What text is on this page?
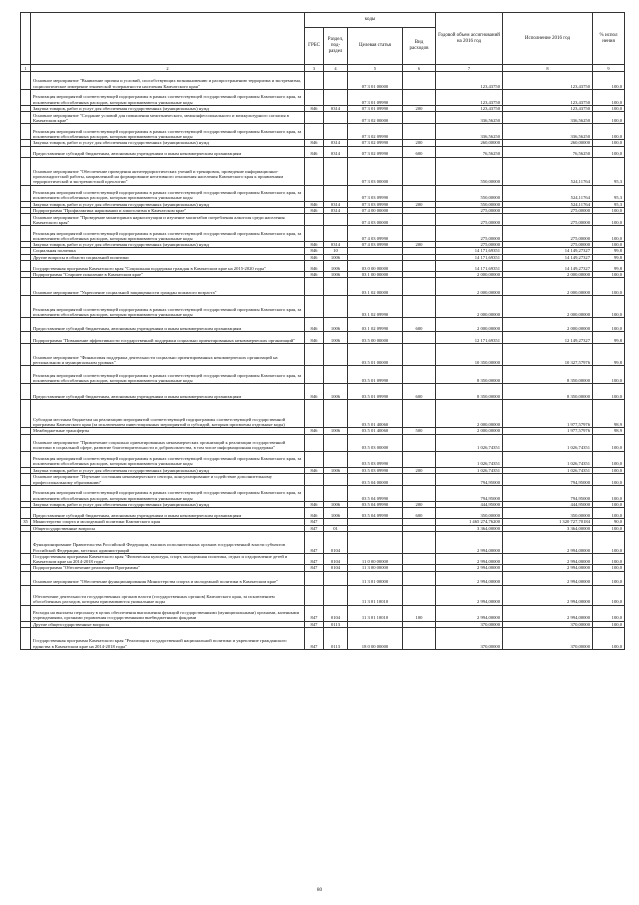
		коды				Годовой объем ассигнований на 2016 год	Исполнение 2016 год	% испол нения
		ГРБС	Раздел, под-раздел	Целевая статья	Вид расходов			
1	2	3	4	5	6	7	8	9
	Основное мероприятие "Выявление причин и условий, способствующих возникновению и распространению терроризма и экстремизма, социологическое измерение этнической толерантности населения Камчатского края"			07 3 01 00000		123,43750	123,43750	100,0
	Реализация мероприятий соответствующей подпрограммы в рамках соответствующей государственной программы Камчатского края, за исключением обособленных расходов, которым присваиваются уникальные коды			07 3 01 09990		123,43750	123,43750	100,0
	Закупка товаров, работ и услуг для обеспечения государственных (муниципальных) нужд	846	0314	07 3 01 09990	200	123,43750	123,43750	100,0
	Основное мероприятие "Создание условий для повышения межэтнического, межконфессионального и межкультурного согласия в Камчатском крае"			07 3 02 00000		336,56250	336,56250	100,0
	Реализация мероприятий соответствующей подпрограммы в рамках соответствующей государственной программы Камчатского края, за исключением обособленных расходов, которым присваиваются уникальные коды			07 3 02 09990		336,56250	336,56250	100,0
	Закупка товаров, работ и услуг для обеспечения государственных (муниципальных) нужд	846	0314	07 3 02 09990	200	260,00000	260,00000	100,0
	Предоставление субсидий бюджетным, автономным учреждениям и иным некоммерческим организациям	846	0314	07 3 02 09990	600	76,56250	76,56250	100,0
	Основное мероприятие "Обеспечение проведения антитеррористических учений и тренировок, проведение информационно-пропагандистской работы, направленной на формирование негативного отношения населения Камчатского края к проявлениям террористической и экстремистской идеологии"			07 3 03 00000		550,00000	524,11764	95,3
	Реализация мероприятий соответствующей подпрограммы в рамках соответствующей государственной программы Камчатского края, за исключением обособленных расходов, которым присваиваются уникальные коды			07 3 03 09990		550,00000	524,11764	95,3
	Закупка товаров, работ и услуг для обеспечения государственных (муниципальных) нужд	846	0314	07 3 03 09990	200	550,00000	524,11764	95,3
	Подпрограмма "Профилактика наркомании и алкоголизма в Камчатском крае"	846	0314	07 4 00 00000		275,00000	275,00000	100,0
	Основное мероприятие "Проведение мониторинга наркоситуации и изучение масштабов потребления алкоголя среди населения Камчатского края"			07 4 03 00000		275,00000	275,00000	100,0
	Реализация мероприятий соответствующей подпрограммы в рамках соответствующей государственной программы Камчатского края, за исключением обособленных расходов, которым присваиваются уникальные коды			07 4 03 09990		275,00000	275,00000	100,0
	Закупка товаров, работ и услуг для обеспечения государственных (муниципальных) нужд	846	0314	07 4 03 09990	200	275,00000	275,00000	100,0
	Социальная политика	846	10			14 171,69351	14 149,27327	99,8
	Другие вопросы в области социальной политики	846	1006			14 171,69351	14 149,27327	99,8
	Государственная программа Камчатского края "Социальная поддержка граждан в Камчатском крае на 2015-2020 годы"	846	1006	03 0 00 00000		14 171,69351	14 149,27327	99,8
	Подпрограмма "Старшее поколение в Камчатском крае"	846	1006	03 1 00 00000		2 000,00000	2 000,00000	100,0
	Основное мероприятие "Укрепление социальной защищенности граждан пожилого возраста"			03 1 02 00000		2 000,00000	2 000,00000	100,0
	Реализация мероприятий соответствующей подпрограммы в рамках соответствующей государственной программы Камчатского края, за исключением обособленных расходов, которым присваиваются уникальные коды			03 1 02 09990		2 000,00000	2 000,00000	100,0
	Предоставление субсидий бюджетным, автономным учреждениям и иным некоммерческим организациям	846	1006	03 1 02 09990	600	2 000,00000	2 000,00000	100,0
	Подпрограмма "Повышение эффективности государственной поддержки социально ориентированных некоммерческих организаций"	846	1006	03 5 00 00000		12 171,69351	12 149,27327	99,8
	Основное мероприятие "Финансовая поддержка деятельности социально ориентированных некоммерческих организаций на региональном и муниципальном уровнях"			03 5 01 00000		10 350,00000	10 327,57976	99,8
	Реализация мероприятий соответствующей подпрограммы в рамках соответствующей государственной программы Камчатского края, за исключением обособленных расходов, которым присваиваются уникальные коды			03 5 01 09990		8 350,00000	8 350,00000	100,0
	Предоставление субсидий бюджетным, автономным учреждениям и иным некоммерческим организациям	846	1006	03 5 01 09990	600	8 350,00000	8 350,00000	100,0
	Субсидии местным бюджетам на реализацию мероприятий соответствующей подпрограммы соответствующей государственной программы Камчатского края (за исключением инвестиционных мероприятий и субсидий, которым присвоены отдельные коды)			03 5 01 40060		2 000,00000	1 977,57976	98,9
	Межбюджетные трансферты	846	1006	03 5 01 40060	500	2 000,00000	1 977,57976	98,9
	Основное мероприятие "Привлечение социально ориентированных некоммерческих организаций к реализации государственной политики в социальной сфере, развитие благотворительности и добровольчества, в том числе информационная поддержка"			03 5 03 00000		1 026,74351	1 026,74351	100,0
	Реализация мероприятий соответствующей подпрограммы в рамках соответствующей государственной программы Камчатского края, за исключением обособленных расходов, которым присваиваются уникальные коды			03 5 03 09990		1 026,74351	1 026,74351	100,0
	Закупка товаров, работ и услуг для обеспечения государственных (муниципальных) нужд	846	1006	03 5 03 09990	200	1 026,74351	1 026,74351	100,0
	Основное мероприятие "Изучение состояния некоммерческого сектора, консультирование и содействие дополнительному профессиональному образованию"			03 5 04 00000		794,95000	794,95000	100,0
	Реализация мероприятий соответствующей подпрограммы в рамках соответствующей государственной программы Камчатского края, за исключением обособленных расходов, которым присваиваются уникальные коды			03 5 04 09990		794,95000	794,95000	100,0
	Закупка товаров, работ и услуг для обеспечения государственных (муниципальных) нужд	846	1006	03 5 04 09990	200	444,95000	444,95000	100,0
	Предоставление субсидий бюджетным, автономным учреждениям и иным некоммерческим организациям	846	1006	03 5 04 09990	600	350,00000	350,00000	100,0
35	Министерство спорта и молодежной политики Камчатского края	847				1 465 274,76200	1 320 727,70184	90,0
	Общегосударственные вопросы	847	01			3 364,00000	3 364,00000	100,0
	Функционирование Правительства Российской Федерации, высших исполнительных органов государственной власти субъектов Российской Федерации, местных администраций	847	0104			2 994,00000	2 994,00000	100,0
	Государственная программа Камчатского края "Физическая культура, спорт, молодежная политика, отдых и оздоровление детей в Камчатском крае на 2014-2018 годы"	847	0104	11 0 00 00000		2 994,00000	2 994,00000	100,0
	Подпрограмма "Обеспечение реализации Программы"	847	0104	11 3 00 00000		2 994,00000	2 994,00000	100,0
	Основное мероприятие "Обеспечение функционирования Министерства спорта и молодежной политики в Камчатском крае"			11 3 01 00000		2 994,00000	2 994,00000	100,0
	Обеспечение деятельности государственных органов власти (государственных органов) Камчатского края, за исключением обособленных расходов, которым присваиваются уникальные коды			11 3 01 10010		2 994,00000	2 994,00000	100,0
	Расходы на выплаты персоналу в целях обеспечения выполнения функций государственными (муниципальными) органами, казенными учреждениями, органами управления государственными внебюджетными фондами	847	0104	11 3 01 10010	100	2 994,00000	2 994,00000	100,0
	Другие общегосударственные вопросы	847	0113			370,00000	370,00000	100,0
	Государственная программа Камчатского края "Реализация государственной национальной политики и укрепление гражданского единства в Камчатском крае на 2014-2018 годы"	847	0113	18 0 00 00000		370,00000	370,00000	100,0
80
